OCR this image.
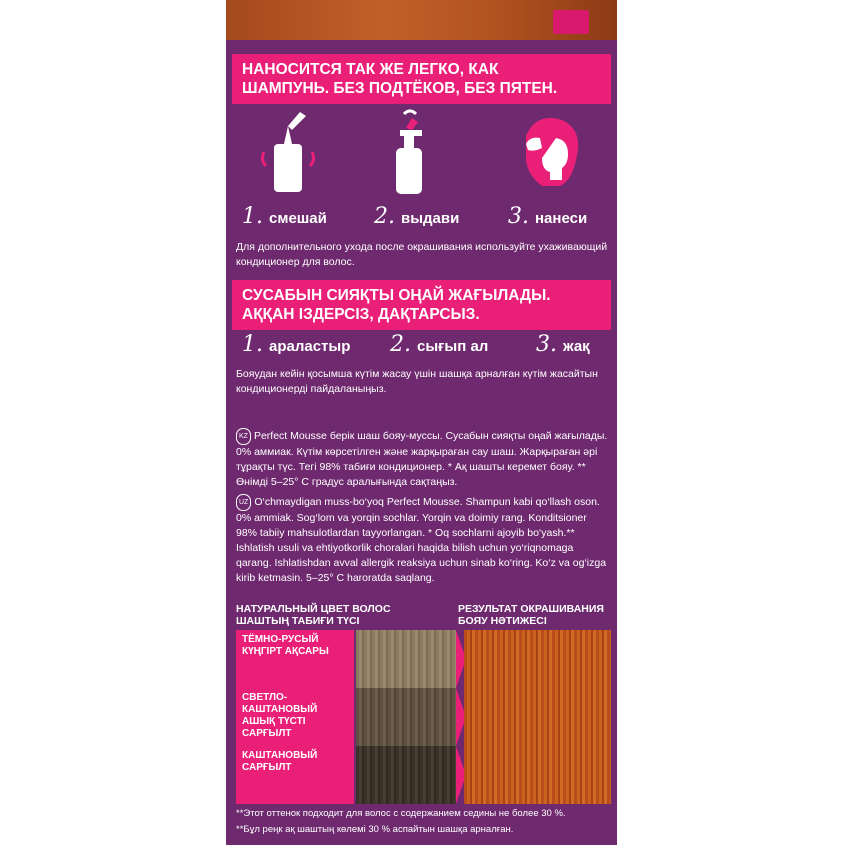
НАНОСИТСЯ ТАК ЖЕ ЛЕГКО, КАК
ШАМПУНЬ. БЕЗ ПОДТЁКОВ, БЕЗ ПЯТЕН.
1. смешай 2. выдави 3. нанеси
Для дополнительного ухода после окрашивания используйте ухаживающий кондиционер для волос.
СУСАБЫН СИЯҚТЫ ОҢАЙ ЖАҒЫЛАДЫ.
АҚҚАН ІЗДЕРСІЗ, ДАҚТАРСЫЗ.
1. араластыр 2. сығып ал 3. жақ
Бояудан кейін қосымша күтім жасау үшін шашқа арналған күтім жасайтын кондиционерді пайдаланыңыз.
KZ Perfect Mousse берік шаш бояу-муссы. Сусабын сияқты оңай жағылады. 0% аммиак. Күтім көрсетілген және жарқыраған сау шаш. Жарқыраған әрі тұрақты түс. Тегі 98% табиғи кондиционер. * Ақ шашты керемет бояу. ** Өнімді 5–25° С градус аралығында сақтаңыз.
UZ O‘chmaydigan muss-bo‘yoq Perfect Mousse. Shampun kabi qo‘llash oson. 0% ammiak. Sog‘lom va yorqin sochlar. Yorqin va doimiy rang. Konditsioner 98% tabiiy mahsulotlardan tayyorlangan. * Oq sochlarni ajoyib bo‘yash.** Ishlatish usuli va ehtiyotkorlik choralari haqida bilish uchun yo‘riqnomaga qarang. Ishlatishdan avval allergik reaksiya uchun sinab ko‘ring. Ko‘z va og‘izga kirib ketmasin. 5–25° C haroratda saqlang.
НАТУРАЛЬНЫЙ ЦВЕТ ВОЛОС
ШАШТЫҢ ТАБИҒИ ТҮСІ
РЕЗУЛЬТАТ ОКРАШИВАНИЯ
БОЯУ НӘТИЖЕСІ
ТЁМНО-РУСЫЙ
КҮҢГІРТ АҚСАРЫ
СВЕТЛО-КАШТАНОВЫЙ
АШЫҚ ТҮСТІ САРҒЫЛТ
КАШТАНОВЫЙ
САРҒЫЛТ
**Этот оттенок подходит для волос с содержанием седины не более 30 %.
**Бұл реңк ақ шаштың көлемі 30 % аспайтын шашқа арналған.
